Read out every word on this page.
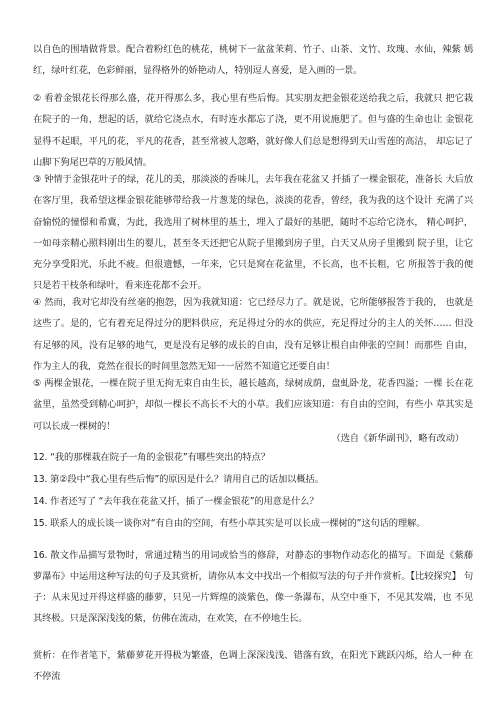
以自色的围墙做背景。配合着粉红色的桃花，桃树下一盆盆茉莉、竹子、山茶、文竹、玫瑰、水仙，辣紫 嫣红，绿叶红花，色彩鲜丽，显得格外的娇艳动人，特别逗人喜爱，是入画的一景。
② 看着金银花长得那么盛，花开得那么多，我心里有些后悔。其实朋友把金银花送给我之后，我就只 把它栽在院子的一角，想起的话，就给它浇点水，有时连水都忘了浇，更不用说施肥了。但与盛的生命也让 金银花显得不起眼，平凡的花，平凡的花香，甚至常被人忽略，就好像人们总是想得到天山雪莲的高洁， 却忘记了山脚下狗尾巴草的万般风情。
③ 钟情于金银花叶子的绿，花儿的美，那淡淡的香味儿，去年我在花盆又 扦插了一棵金银花，准备长 大后放在客厅里，我希望这棵金银花能够带给我一片葱茏的绿色，淡淡的花香，曾经，我为我的这个设计 充满了兴奋愉悦的憧憬和希冀，为此，我选用了树林里的基土，埋入了最好的基肥，随时不忘给它浇水， 精心呵护，一如母亲精心照料刚出生的婴儿，甚至冬天还把它从院子里搬到房子里，白天又从房子里搬到 院子里，让它充分享受阳光，乐此不疲。但很遗憾，一年来，它只是窝在花盆里，不长高，也不长粗，它 所报答于我的便只是若干枝条和绿叶，看来连花都不会开。
④ 然而，我对它却没有丝毫的抱怨，因为我就知道：它已经尽力了。就是说，它所能够报答于我的， 也就是这些了。是的，它有着充足得过分的肥料供应，充足得过分的水的供应，充足得过分的主人的关怀…… 但没有足够的风，没有足够的地气，更是没有足够的成长的自由，没有足够让根自由伸张的空间！而那些 自由，作为主人的我，竟然在很长的时间里忽然无知一一居然不知道它还要自由！
⑤ 两棵金银花，一棵在院子里无拘无束自由生长，越长越高，绿树成荫，盘虬卧龙，花香四溢；一棵 长在花盆里，虽然受到精心呵护，却似一棵长不高长不大的小草。我们应该知道：有自由的空间，有些小 草其实是可以长成一棵树的！
（选自《新华副刊》，略有改动）
12. “我的那棵栽在院子一角的金银花”有哪些突出的特点？
13. 第②段中“我心里有些后悔”的原因是什么？请用自己的话加以概括。
14. 作者还写了 “去年我在花盆又扦，插了一棵金银花”的用意是什么？
15. 联系人的成长谈一谈你对“有自由的空间，有些小草其实是可以长成一棵树的”这句话的理解。
16. 散文作品描写景物时，常通过精当的用词或恰当的修辞，对静态的事物作动态化的描写。下面是《紫藤 萝瀑布》中运用这种写法的句子及其赏析，请你从本文中找出一个相似写法的句子并作赏析。【比较探究】 句子：从未见过开得这样盛的藤萝，只见一片辉煌的淡紫色，像一条瀑布，从空中垂下，不见其发端，也 不见其终极。只是深深浅浅的紫，仿佛在流动，在欢笑，在不停地生长。
赏析：在作者笔下，紫藤萝花开得极为繁盛，色调上深深浅浅、错落有致，在阳光下跳跃闪烁，给人一种 在不停流
